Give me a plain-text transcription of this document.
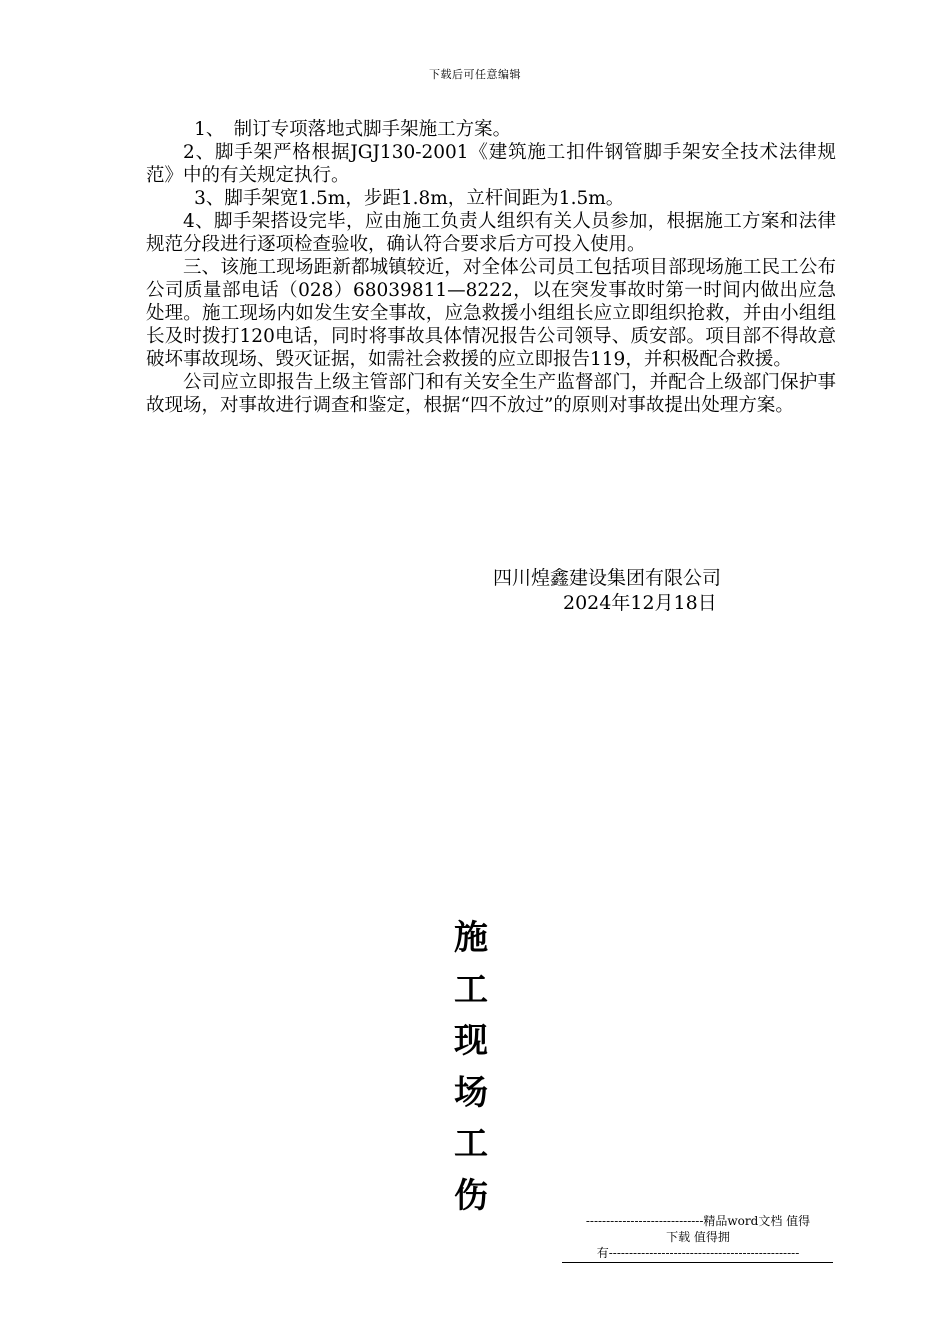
下载后可任意编辑

1、　制订专项落地式脚手架施工方案。

2、脚手架严格根据JGJ130-2001《建筑施工扣件钢管脚手架安全技术法律规范》中的有关规定执行。

3、脚手架宽1.5m，步距1.8m，立杆间距为1.5m。

4、脚手架搭设完毕，应由施工负责人组织有关人员参加，根据施工方案和法律规范分段进行逐项检查验收，确认符合要求后方可投入使用。

三、该施工现场距新都城镇较近，对全体公司员工包括项目部现场施工民工公布公司质量部电话（028）68039811—8222，以在突发事故时第一时间内做出应急处理。施工现场内如发生安全事故，应急救援小组组长应立即组织抢救，并由小组组长及时拨打120电话，同时将事故具体情况报告公司领导、质安部。项目部不得故意破坏事故现场、毁灭证据，如需社会救援的应立即报告119，并积极配合救援。

公司应立即报告上级主管部门和有关安全生产监督部门，并配合上级部门保护事故现场，对事故进行调查和鉴定，根据“四不放过”的原则对事故提出处理方案。

四川煌鑫建设集团有限公司
2024年12月18日
施
工
现
场
工
伤
-----------------------------精品word文档 值得
下载 值得拥
有-----------------------------------------------
